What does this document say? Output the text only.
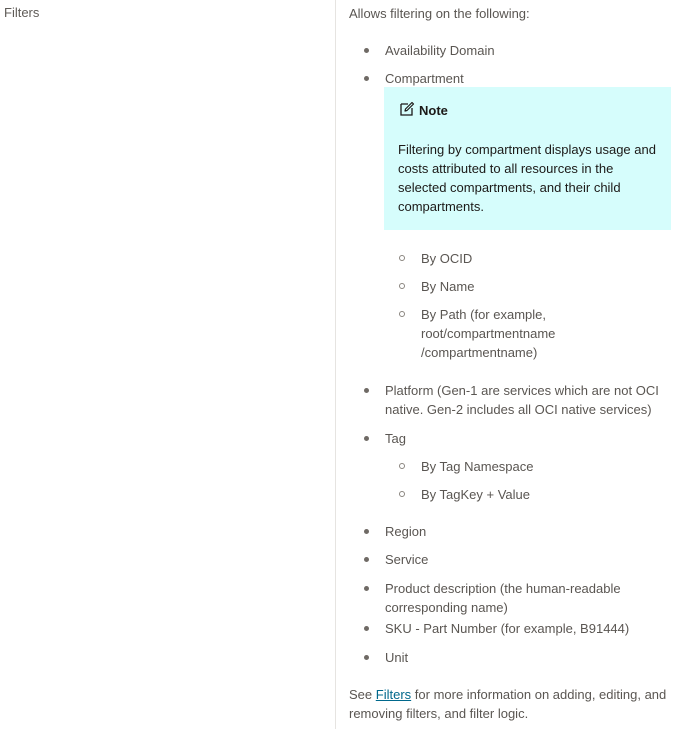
Filters	Allows filtering on the following:
Availability Domain
Compartment
Note
Filtering by compartment displays usage and costs attributed to all resources in the selected compartments, and their child compartments.
By OCID
By Name
By Path (for example,
root/compartmentname
/compartmentname)
Platform (Gen-1 are services which are not OCI
native. Gen-2 includes all OCI native services)
Tag
By Tag Namespace
By TagKey + Value
Region
Service
Product description (the human-readable
corresponding name)
SKU - Part Number (for example, B91444)
Unit
See Filters for more information on adding, editing, and
removing filters, and filter logic.
